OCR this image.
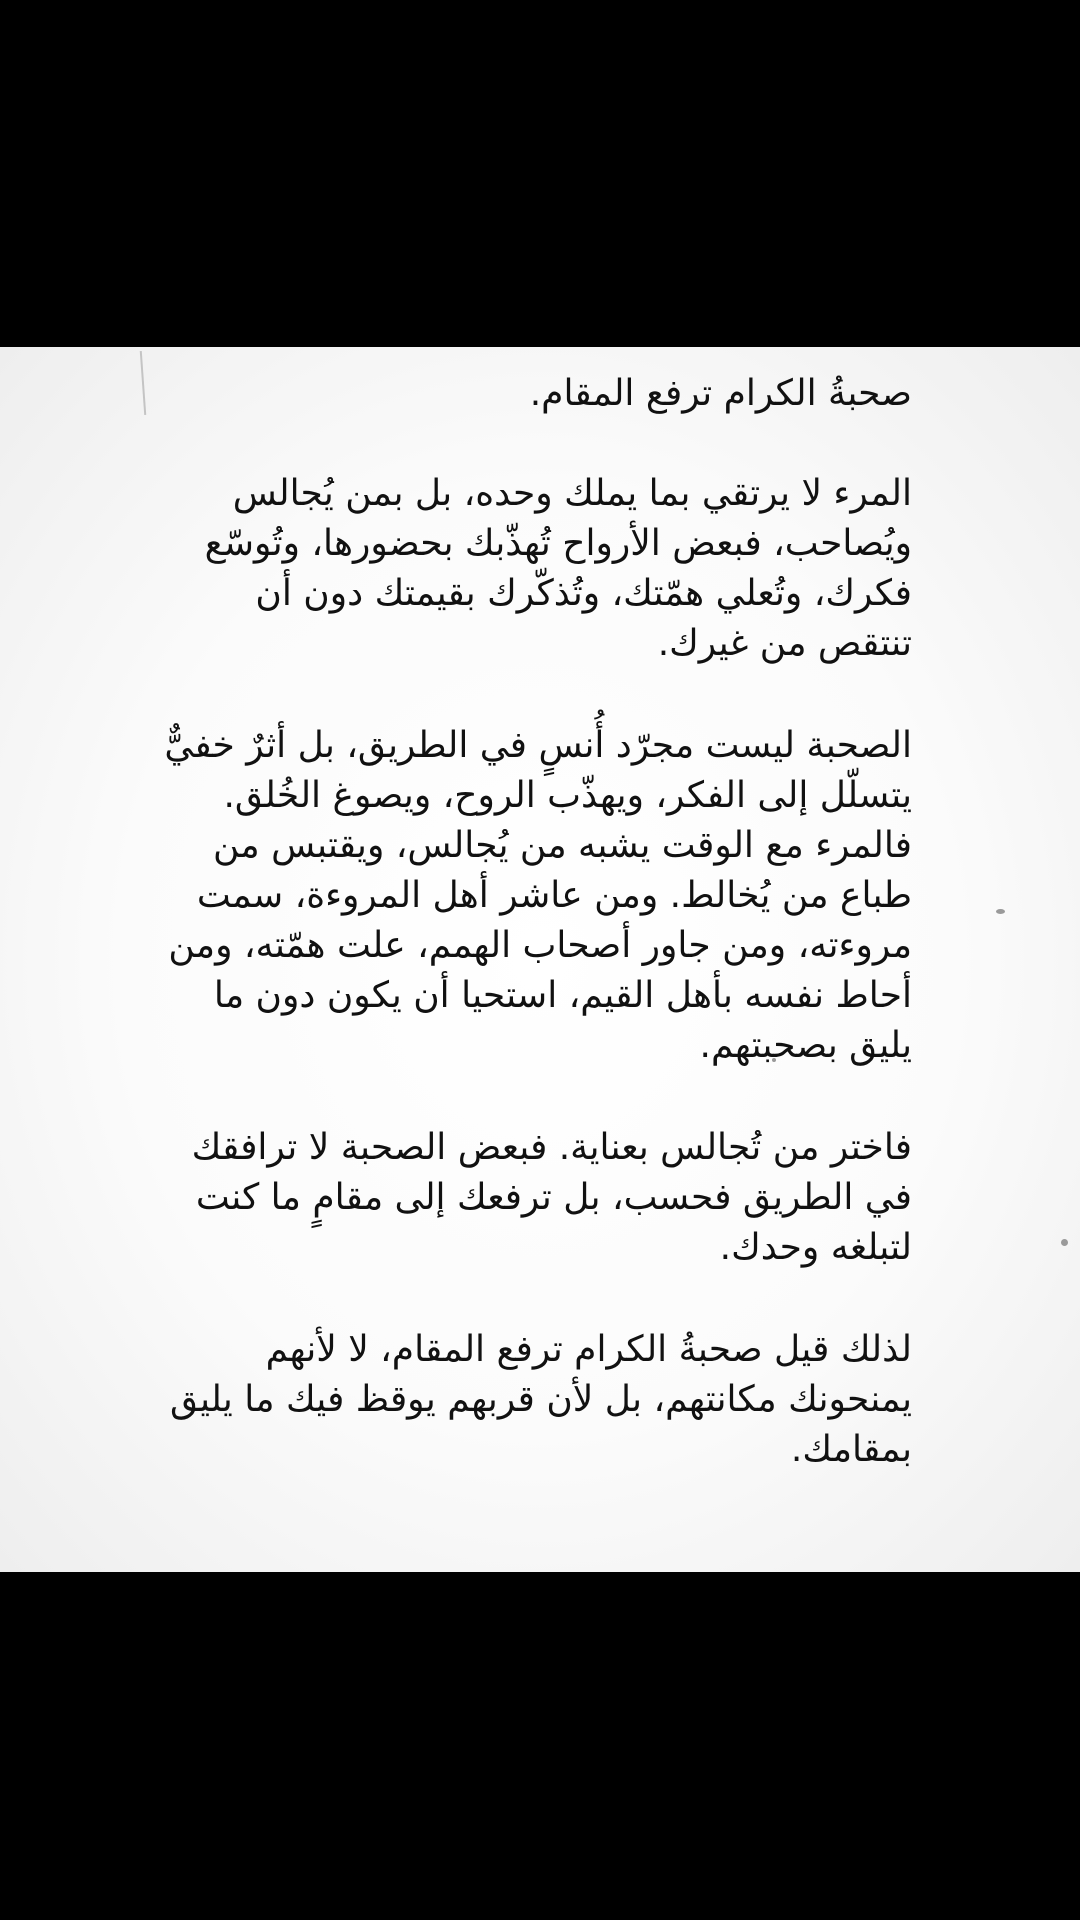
صحبةُ الكرام ترفع المقام.

المرء لا يرتقي بما يملك وحده، بل بمن يُجالس ويُصاحب، فبعض الأرواح تُهذّبك بحضورها، وتُوسّع فكرك، وتُعلي همّتك، وتُذكّرك بقيمتك دون أن تنتقص من غيرك.

الصحبة ليست مجرّد أُنسٍ في الطريق، بل أثرٌ خفيٌّ يتسلّل إلى الفكر، ويهذّب الروح، ويصوغ الخُلق. فالمرء مع الوقت يشبه من يُجالس، ويقتبس من طباع من يُخالط. ومن عاشر أهل المروءة، سمت مروءته، ومن جاور أصحاب الهمم، علت همّته، ومن أحاط نفسه بأهل القيم، استحيا أن يكون دون ما يليق بصحبتهم.

فاختر من تُجالس بعناية. فبعض الصحبة لا ترافقك في الطريق فحسب، بل ترفعك إلى مقامٍ ما كنت لتبلغه وحدك.

لذلك قيل صحبةُ الكرام ترفع المقام، لا لأنهم يمنحونك مكانتهم، بل لأن قربهم يوقظ فيك ما يليق بمقامك.
